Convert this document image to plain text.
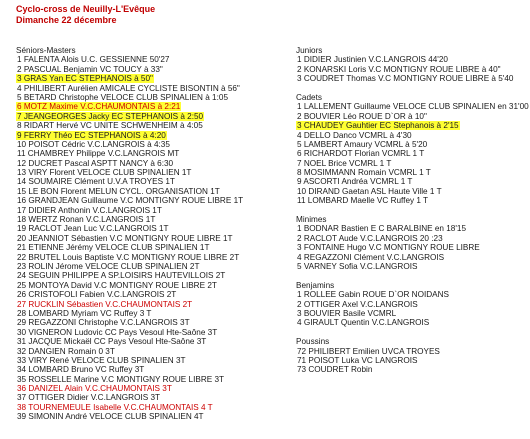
Cyclo-cross de Neuilly-L'Evêque
Dimanche 22 décembre
Séniors-Masters
1 FALENTA Alois U.C. GESSIENNE 50'27
2 PASCUAL Benjamin VC TOUCY à 33"
3 GRAS Yan EC STEPHANOIS à 50"
4 PHILIBERT Aurélien AMICALE CYCLISTE BISONTIN à 56"
5 BETARD Christophe VELOCE CLUB SPINALIEN à 1:05
6 MOTZ Maxime V.C.CHAUMONTAIS à 2:21
7 JEANGEORGES Jacky EC STEPHANOIS à 2:50
8 RIDART Hervé VC UNITE SCHWENHEIM à 4:05
9 FERRY Théo EC STEPHANOIS à 4:20
10 POISOT Cédric V.C.LANGROIS à 4:35
11 CHAMBREY Philippe V.C.LANGROIS MT
12 DUCRET Pascal ASPTT NANCY à 6:30
13 VIRY Florent VELOCE CLUB SPINALIEN 1T
14 SOUMAIRE Clément U.V.A TROYES 1T
15 LE BON Florent MELUN CYCL. ORGANISATION 1T
16 GRANDJEAN Guillaume V.C MONTIGNY ROUE LIBRE 1T
17 DIDIER Anthonin V.C.LANGROIS 1T
18 WERTZ Ronan V.C.LANGROIS 1T
19 RACLOT Jean Luc V.C.LANGROIS 1T
20 JEANNIOT Sébastien V.C MONTIGNY ROUE LIBRE 1T
21 ETIENNE Jérémy VELOCE CLUB SPINALIEN 1T
22 BRUTEL Louis Baptiste V.C MONTIGNY ROUE LIBRE 2T
23 ROLIN Jérome VELOCE CLUB SPINALIEN 2T
24 SEGUIN PHILIPPE A SP.LOISIRS HAUTEVILLOIS 2T
25 MONTOYA David V.C MONTIGNY ROUE LIBRE 2T
26 CRISTOFOLI Fabien V.C.LANGROIS 2T
27 RUCKLIN Sébastien V.C.CHAUMONTAIS 2T
28 LOMBARD Myriam VC Ruffey 3 T
29 REGAZZONI Christophe V.C.LANGROIS 3T
30 VIGNERON Ludovic CC Pays Vesoul Hte-Saône 3T
31 JACQUE Mickaël CC Pays Vesoul Hte-Saône 3T
32 DANGIEN Romain 0 3T
33 VIRY René VELOCE CLUB SPINALIEN 3T
34 LOMBARD Bruno VC Ruffey 3T
35 ROSSELLE Marine V.C MONTIGNY ROUE LIBRE 3T
36 DANIZEL Alain V.C.CHAUMONTAIS 3T
37 OTTIGER Didier V.C.LANGROIS 3T
38 TOURNEMEULE Isabelle V.C.CHAUMONTAIS 4 T
39 SIMONIN André VELOCE CLUB SPINALIEN 4T
Juniors
1 DIDIER Justinien V.C.LANGROIS 44'20
2 KONARSKI Loris V.C MONTIGNY ROUE LIBRE à 40"
3 COUDRET Thomas V.C MONTIGNY ROUE LIBRE à 5'40
Cadets
1 LALLEMENT Guillaume VELOCE CLUB SPINALIEN en 31'00
2 BOUVIER Léo ROUE D`OR à 10"
3 CHAUDEY Gauhtier EC Stephanois à 2'15
4 DELLO Danco VCMRL à 4'30
5 LAMBERT Amaury VCMRL à 5'20
6 RICHARDOT Florian VCMRL 1 T
7 NOEL Brice VCMRL 1 T
8 MOSIMMANN Romain VCMRL 1 T
9 ASCORTI Andréa VCMRL 1 T
10 DIRAND Gaetan ASL Haute Ville 1 T
11 LOMBARD Maelle VC Ruffey 1 T
Minimes
1 BODNAR Bastien E C BARALBINE en 18'15
2 RACLOT Aude V.C.LANGROIS 20 :23
3 FONTAINE Hugo V.C MONTIGNY ROUE LIBRE
4 REGAZZONI Clément V.C.LANGROIS
5 VARNEY Sofia V.C.LANGROIS
Benjamins
1 ROLLEE Gabin ROUE D`OR NOIDANS
2 OTTIGER Axel V.C.LANGROIS
3 BOUVIER Basile VCMRL
4 GIRAULT Quentin V.C.LANGROIS
Poussins
72 PHILIBERT Emilien UVCA TROYES
71 POISOT Luka VC LANGROIS
73 COUDRET Robin
